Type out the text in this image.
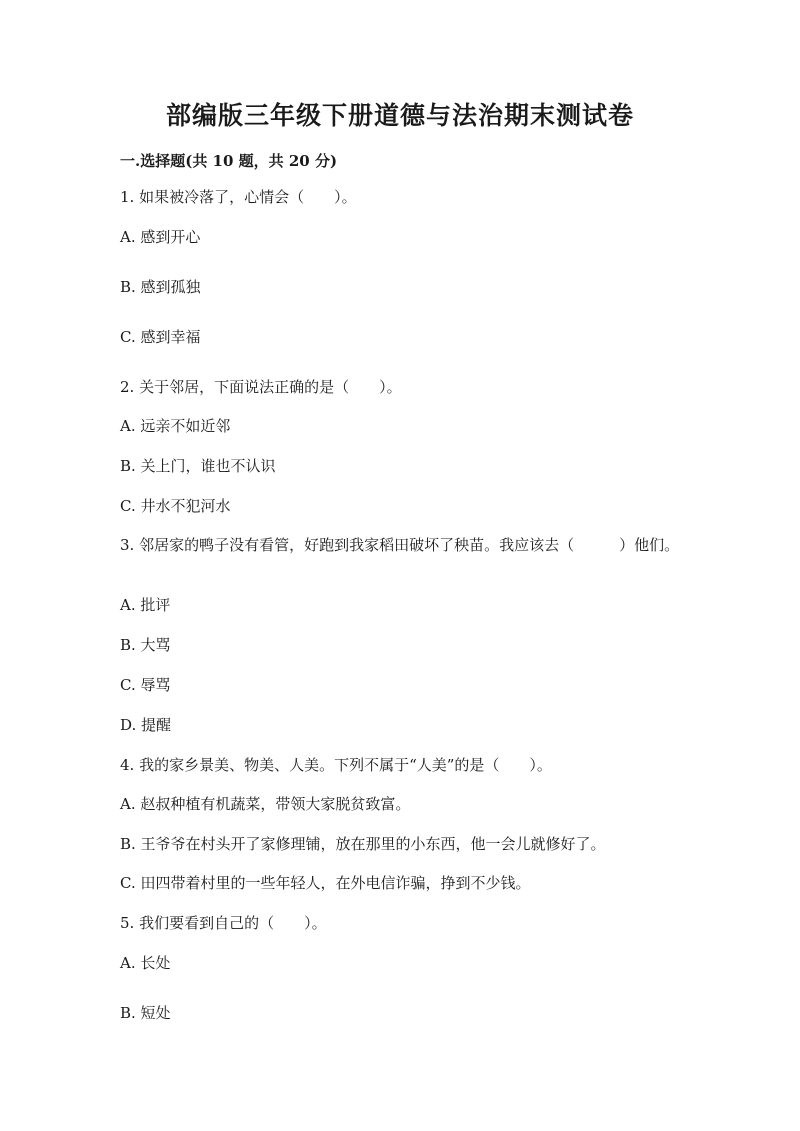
部编版三年级下册道德与法治期末测试卷

一.选择题(共 10 题，共 20 分)

1. 如果被冷落了，心情会（　　）。

A. 感到开心

B. 感到孤独

C. 感到幸福

2. 关于邻居，下面说法正确的是（　　）。

A. 远亲不如近邻

B. 关上门，谁也不认识

C. 井水不犯河水

3. 邻居家的鸭子没有看管，好跑到我家稻田破坏了秧苗。我应该去（　　　）他们。

A. 批评

B. 大骂

C. 辱骂

D. 提醒

4. 我的家乡景美、物美、人美。下列不属于“人美”的是（　　）。

A. 赵叔种植有机蔬菜，带领大家脱贫致富。

B. 王爷爷在村头开了家修理铺，放在那里的小东西，他一会儿就修好了。

C. 田四带着村里的一些年轻人，在外电信诈骗，挣到不少钱。

5. 我们要看到自己的（　　）。

A. 长处

B. 短处
